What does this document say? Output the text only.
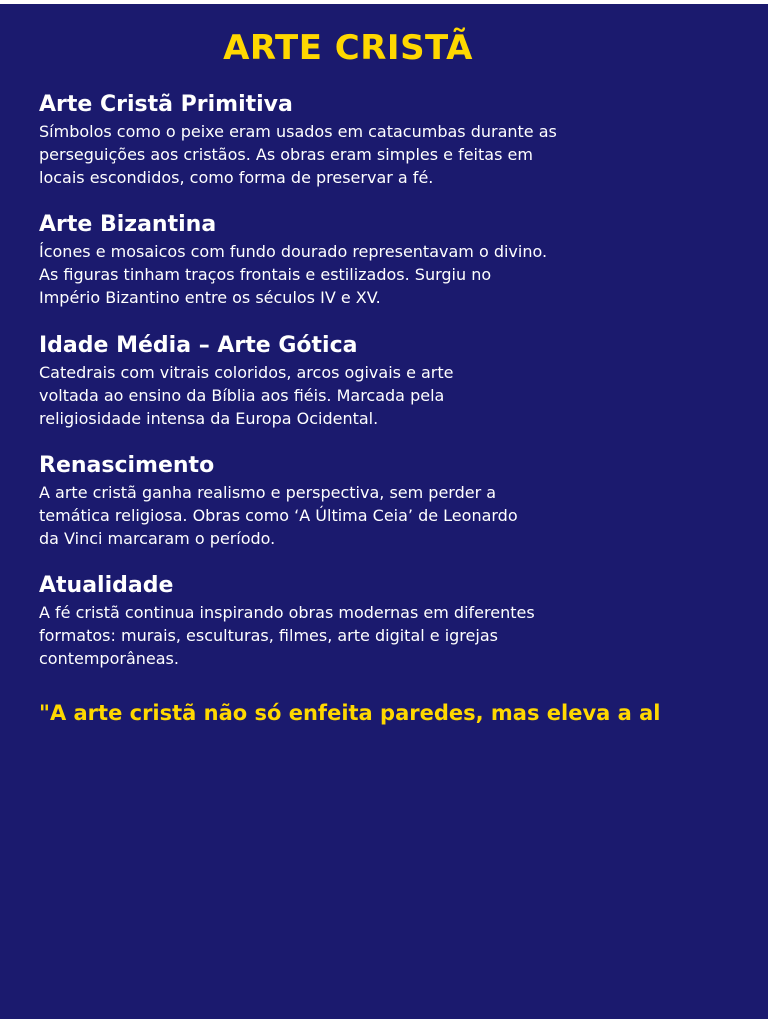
ARTE CRISTÃ
Arte Cristã Primitiva

Símbolos como o peixe eram usados em catacumbas durante as
perseguições aos cristãos. As obras eram simples e feitas em
locais escondidos, como forma de preservar a fé.

Arte Bizantina

Ícones e mosaicos com fundo dourado representavam o divino.
As figuras tinham traços frontais e estilizados. Surgiu no
Império Bizantino entre os séculos IV e XV.

Idade Média – Arte Gótica

Catedrais com vitrais coloridos, arcos ogivais e arte
voltada ao ensino da Bíblia aos fiéis. Marcada pela
religiosidade intensa da Europa Ocidental.

Renascimento

A arte cristã ganha realismo e perspectiva, sem perder a
temática religiosa. Obras como ‘A Última Ceia’ de Leonardo
da Vinci marcaram o período.

Atualidade

A fé cristã continua inspirando obras modernas em diferentes
formatos: murais, esculturas, filmes, arte digital e igrejas
contemporâneas.

"A arte cristã não só enfeita paredes, mas eleva a al
